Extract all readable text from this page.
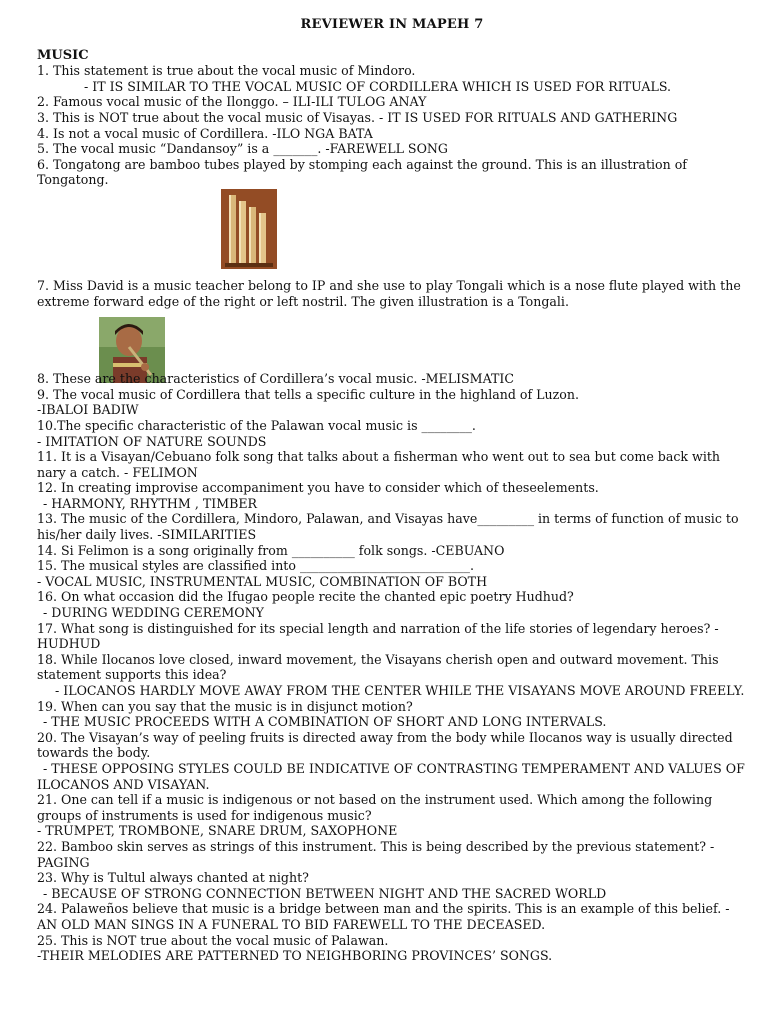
REVIEWER IN MAPEH 7

MUSIC

1. This statement is true about the vocal music of Mindoro.

- IT IS SIMILAR TO THE VOCAL MUSIC OF CORDILLERA WHICH IS USED FOR RITUALS.

2. Famous vocal music of the Ilonggo. – ILI-ILI TULOG ANAY

3. This is NOT true about the vocal music of Visayas. - IT IS USED FOR RITUALS AND GATHERING

4. Is not a vocal music of Cordillera. -ILO NGA BATA

5. The vocal music “Dandansoy” is a _______. -FAREWELL SONG

6. Tongatong are bamboo tubes played by stomping each against the ground. This is an illustration of Tongatong.

7. Miss David is a music teacher belong to IP and she use to play Tongali which is a nose flute played with the extreme forward edge of the right or left nostril. The given illustration is a Tongali.

8. These are the characteristics of Cordillera’s vocal music. -MELISMATIC

9. The vocal music of Cordillera that tells a specific culture in the highland of Luzon.

-IBALOI BADIW

10.The specific characteristic of the Palawan vocal music is ________.

- IMITATION OF NATURE SOUNDS

11. It is a Visayan/Cebuano folk song that talks about a fisherman who went out to sea but come back with nary a catch. - FELIMON

12. In creating improvise accompaniment you have to consider which of theseelements.

- HARMONY, RHYTHM , TIMBER

13. The music of the Cordillera, Mindoro, Palawan, and Visayas have_________ in terms of function of music to his/her daily lives. -SIMILARITIES

14. Si Felimon is a song originally from __________ folk songs. -CEBUANO

15. The musical styles are classified into ___________________________.

- VOCAL MUSIC, INSTRUMENTAL MUSIC, COMBINATION OF BOTH

16. On what occasion did the Ifugao people recite the chanted epic poetry Hudhud?

- DURING WEDDING CEREMONY

17. What song is distinguished for its special length and narration of the life stories of legendary heroes? - HUDHUD

18. While Ilocanos love closed, inward movement, the Visayans cherish open and outward movement. This statement supports this idea?

- ILOCANOS HARDLY MOVE AWAY FROM THE CENTER WHILE THE VISAYANS MOVE AROUND FREELY.

19. When can you say that the music is in disjunct motion?

- THE MUSIC PROCEEDS WITH A COMBINATION OF SHORT AND LONG INTERVALS.

20. The Visayan’s way of peeling fruits is directed away from the body while Ilocanos way is usually directed towards the body.

- THESE OPPOSING STYLES COULD BE INDICATIVE OF CONTRASTING TEMPERAMENT AND VALUES OF ILOCANOS AND VISAYAN.

21. One can tell if a music is indigenous or not based on the instrument used. Which among the following groups of instruments is used for indigenous music?

- TRUMPET, TROMBONE, SNARE DRUM, SAXOPHONE

22. Bamboo skin serves as strings of this instrument. This is being described by the previous statement? - PAGING

23. Why is Tultul always chanted at night?

- BECAUSE OF STRONG CONNECTION BETWEEN NIGHT AND THE SACRED WORLD

24. Palaweños believe that music is a bridge between man and the spirits. This is an example of this belief. -AN OLD MAN SINGS IN A FUNERAL TO BID FAREWELL TO THE DECEASED.

25. This is NOT true about the vocal music of Palawan.

-THEIR MELODIES ARE PATTERNED TO NEIGHBORING PROVINCES’ SONGS.
